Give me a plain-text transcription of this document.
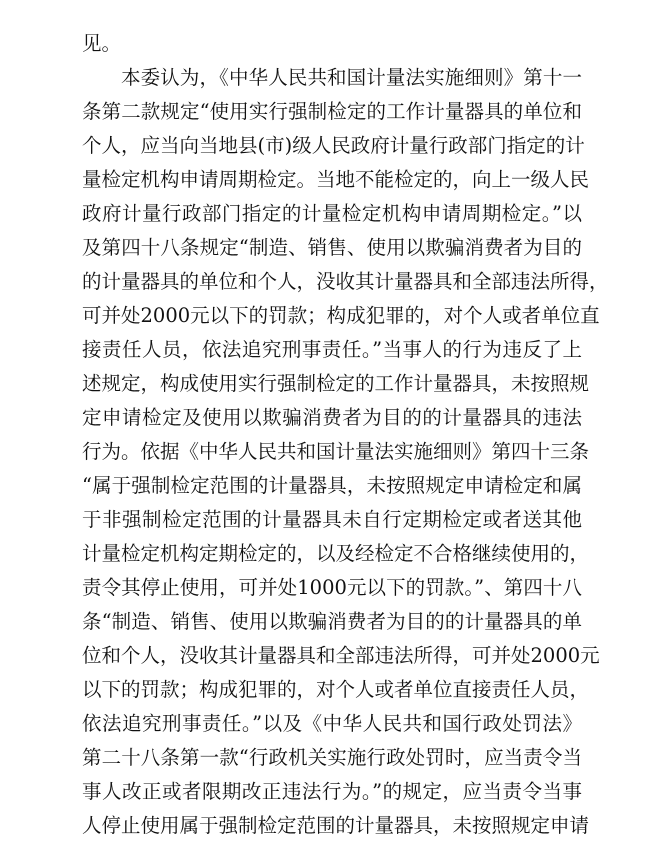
见。
本委认为，《中华人民共和国计量法实施细则》第十一
条第二款规定“使用实行强制检定的工作计量器具的单位和
个人，应当向当地县(市)级人民政府计量行政部门指定的计
量检定机构申请周期检定。当地不能检定的，向上一级人民
政府计量行政部门指定的计量检定机构申请周期检定。”以
及第四十八条规定“制造、销售、使用以欺骗消费者为目的
的计量器具的单位和个人，没收其计量器具和全部违法所得，
可并处2000元以下的罚款；构成犯罪的，对个人或者单位直
接责任人员，依法追究刑事责任。”当事人的行为违反了上
述规定，构成使用实行强制检定的工作计量器具，未按照规
定申请检定及使用以欺骗消费者为目的的计量器具的违法
行为。依据《中华人民共和国计量法实施细则》第四十三条
“属于强制检定范围的计量器具，未按照规定申请检定和属
于非强制检定范围的计量器具未自行定期检定或者送其他
计量检定机构定期检定的，以及经检定不合格继续使用的，
责令其停止使用，可并处1000元以下的罚款。”、第四十八
条“制造、销售、使用以欺骗消费者为目的的计量器具的单
位和个人，没收其计量器具和全部违法所得，可并处2000元
以下的罚款；构成犯罪的，对个人或者单位直接责任人员，
依法追究刑事责任。”以及《中华人民共和国行政处罚法》
第二十八条第一款“行政机关实施行政处罚时，应当责令当
事人改正或者限期改正违法行为。”的规定，应当责令当事
人停止使用属于强制检定范围的计量器具，未按照规定申请
